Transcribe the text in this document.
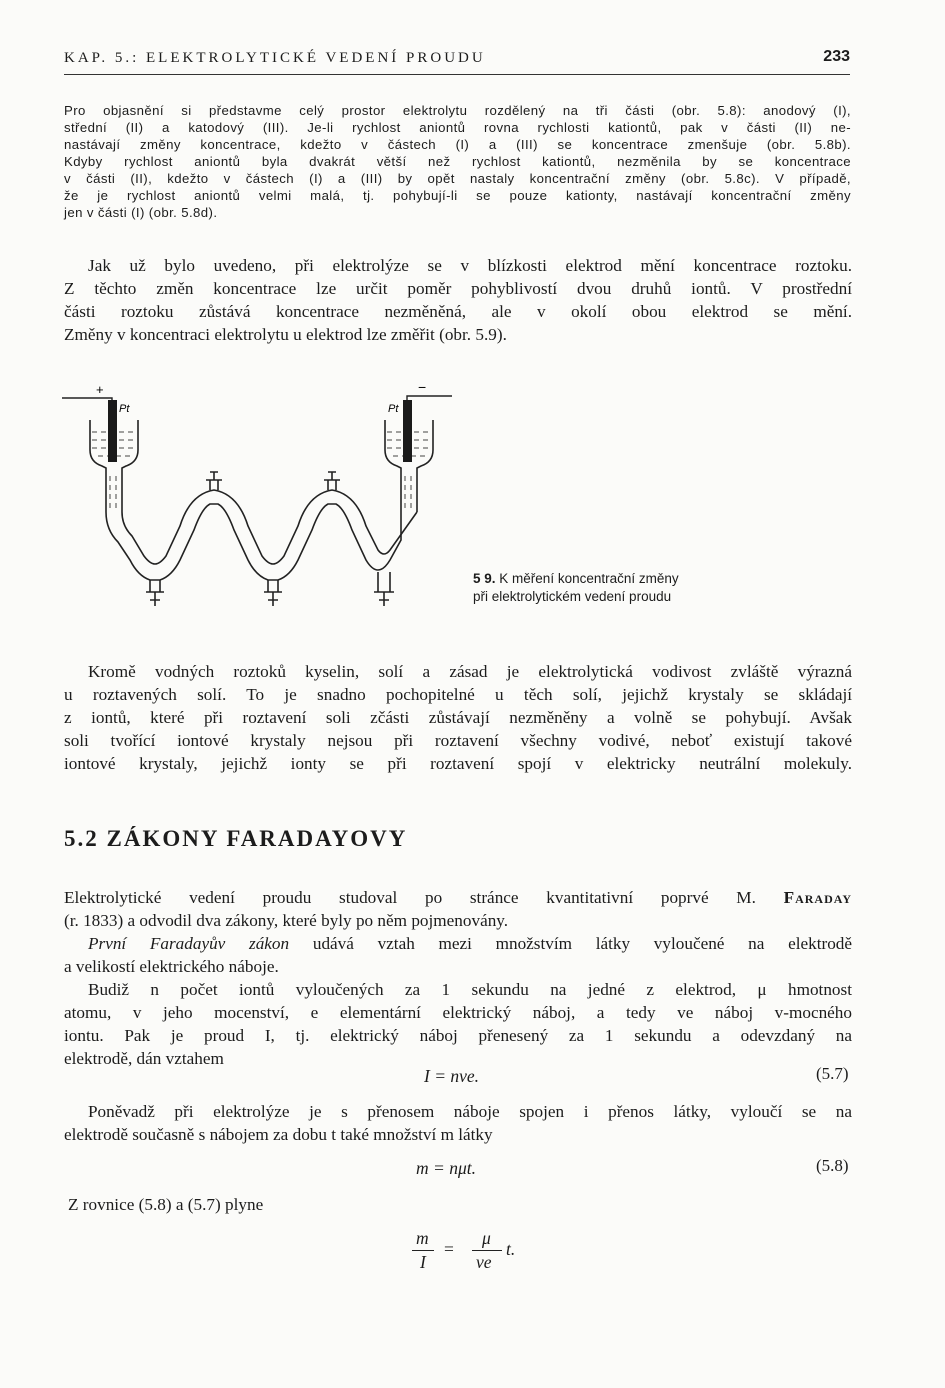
KAP. 5.: ELEKTROLYTICKÉ VEDENÍ PROUDU	233
Pro objasnění si představme celý prostor elektrolytu rozdělený na tři části (obr. 5.8): anodový (I),
střední (II) a katodový (III). Je-li rychlost aniontů rovna rychlosti kationtů, pak v části (II) ne-
nastávají změny koncentrace, kdežto v částech (I) a (III) se koncentrace zmenšuje (obr. 5.8b).
Kdyby rychlost aniontů byla dvakrát větší než rychlost kationtů, nezměnila by se koncentrace
v části (II), kdežto v částech (I) a (III) by opět nastaly koncentrační změny (obr. 5.8c). V případě,
že je rychlost aniontů velmi malá, tj. pohybují-li se pouze kationty, nastávají koncentrační změny
jen v části (I) (obr. 5.8d).
Jak už bylo uvedeno, při elektrolýze se v blízkosti elektrod mění koncentrace roztoku.
Z těchto změn koncentrace lze určit poměr pohyblivostí dvou druhů iontů. V prostřední
části roztoku zůstává koncentrace nezměněná, ale v okolí obou elektrod se mění.
Změny v koncentraci elektrolytu u elektrod lze změřit (obr. 5.9).
+	−
Pt	Pt
5 9. K měření koncentrační změny
při elektrolytickém vedení proudu
Kromě vodných roztoků kyselin, solí a zásad je elektrolytická vodivost zvláště výrazná
u roztavených solí. To je snadno pochopitelné u těch solí, jejichž krystaly se skládají
z iontů, které při roztavení soli zčásti zůstávají nezměněny a volně se pohybují. Avšak
soli tvořící iontové krystaly nejsou při roztavení všechny vodivé, neboť existují takové
iontové krystaly, jejichž ionty se při roztavení spojí v elektricky neutrální molekuly.
5.2 ZÁKONY FARADAYOVY
Elektrolytické vedení proudu studoval po stránce kvantitativní poprvé M. Faraday
(r. 1833) a odvodil dva zákony, které byly po něm pojmenovány.
První Faradayův zákon udává vztah mezi množstvím látky vyloučené na elektrodě
a velikostí elektrického náboje.
Budiž n počet iontů vyloučených za 1 sekundu na jedné z elektrod, μ hmotnost
atomu, v jeho mocenství, e elementární elektrický náboj, a tedy ve náboj v-mocného
iontu. Pak je proud I, tj. elektrický náboj přenesený za 1 sekundu a odevzdaný na
elektrodě, dán vztahem
I = nve.	(5.7)
Poněvadž při elektrolýze je s přenosem náboje spojen i přenos látky, vyloučí se na
elektrodě současně s nábojem za dobu t také množství m látky
m = nμt.	(5.8)
Z rovnice (5.8) a (5.7) plyne
m
I
=
μ
ve
t.
